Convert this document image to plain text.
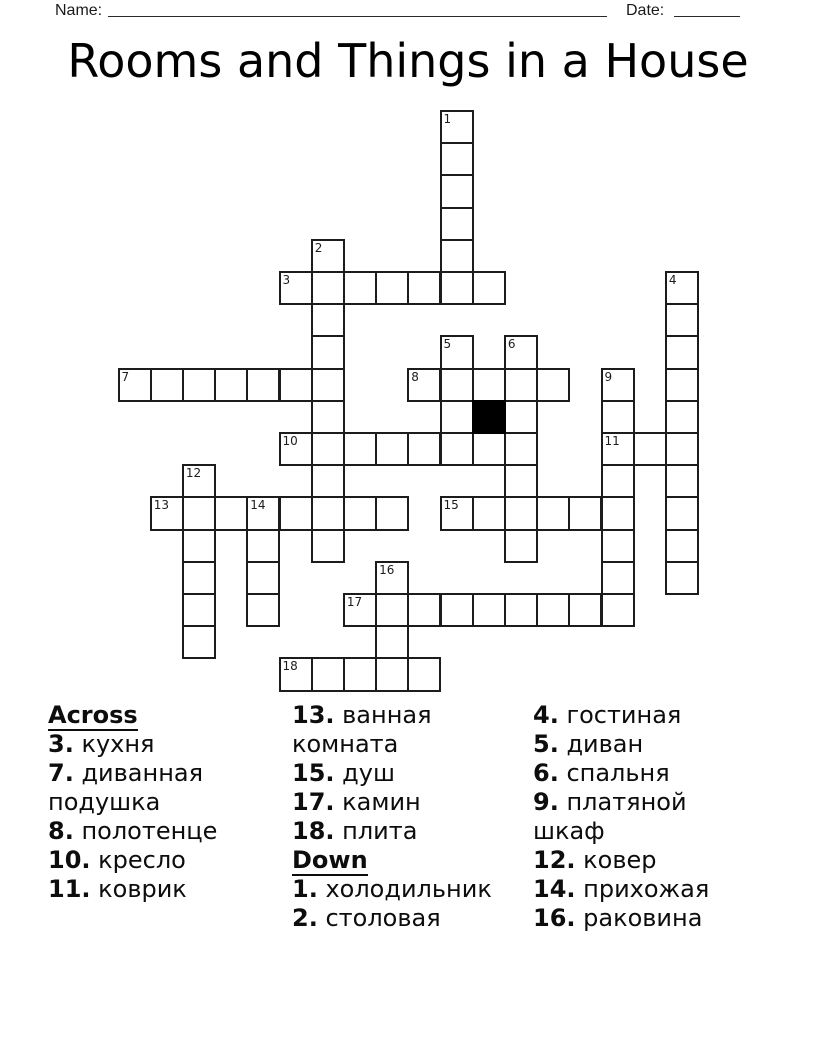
Name:	Date:
Rooms and Things in a House
1
2
3	4
5	6
7	8	9
11
10
12
13	14	15
16
17
18
Across
3. кухня
7. диванная
подушка
8. полотенце
10. кресло
11. коврик
13. ванная
комната
15. душ
17. камин
18. плита
Down
1. холодильник
2. столовая
4. гостиная
5. диван
6. спальня
9. платяной
шкаф
12. ковер
14. прихожая
16. раковина
